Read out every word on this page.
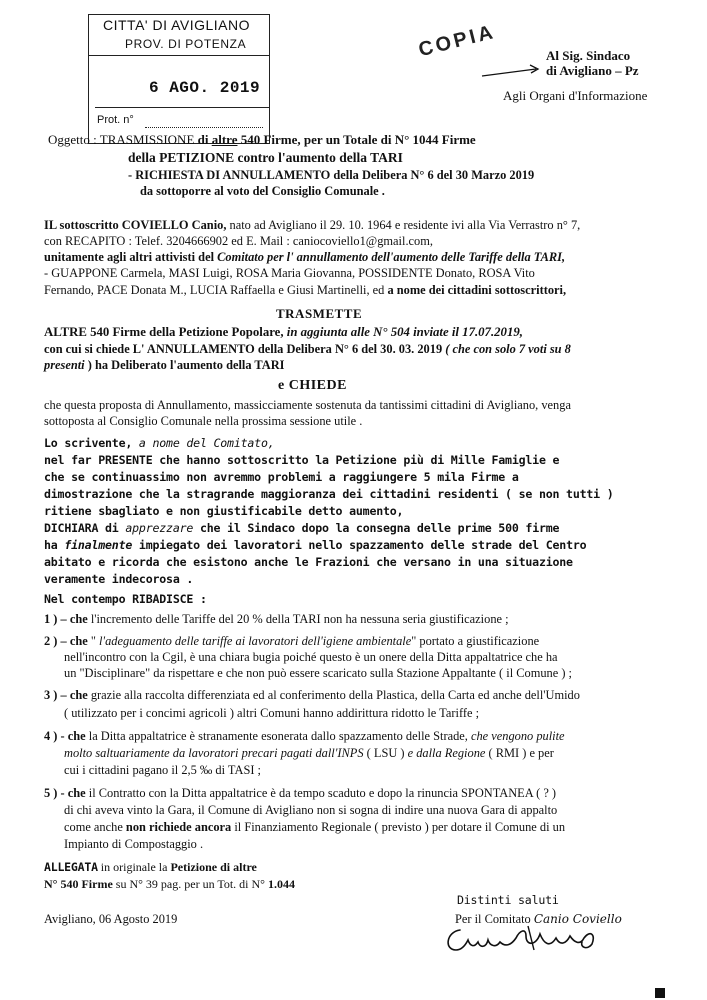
CITTA' DI AVIGLIANO
PROV. DI POTENZA
6 AGO. 2019
Prot. n°
COPIA	Al Sig. Sindaco
di Avigliano – Pz
Agli Organi d'Informazione
Oggetto : TRASMISSIONE di altre 540 Firme, per un Totale di N° 1044 Firme
della PETIZIONE contro l'aumento della TARI
- RICHIESTA DI ANNULLAMENTO della Delibera N° 6 del 30 Marzo 2019
da sottoporre al voto del Consiglio Comunale .
IL sottoscritto COVIELLO Canio, nato ad Avigliano il 29. 10. 1964 e residente ivi alla Via Verrastro n° 7,
con RECAPITO : Telef. 3204666902 ed E. Mail : caniocoviello1@gmail.com,
unitamente agli altri attivisti del Comitato per l' annullamento dell'aumento delle Tariffe della TARI,
- GUAPPONE Carmela, MASI Luigi, ROSA Maria Giovanna, POSSIDENTE Donato, ROSA Vito
Fernando, PACE Donata M., LUCIA Raffaella e Giusi Martinelli, ed a nome dei cittadini sottoscrittori,
TRASMETTE
ALTRE 540 Firme della Petizione Popolare, in aggiunta alle N° 504 inviate il 17.07.2019,
con cui si chiede L' ANNULLAMENTO della Delibera N° 6 del 30. 03. 2019 ( che con solo 7 voti su 8
presenti ) ha Deliberato l'aumento della TARI
e CHIEDE
che questa proposta di Annullamento, massicciamente sostenuta da tantissimi cittadini di Avigliano, venga
sottoposta al Consiglio Comunale nella prossima sessione utile .
Lo scrivente, a nome del Comitato,
nel far PRESENTE che hanno sottoscritto la Petizione più di Mille Famiglie e
che se continuassimo non avremmo problemi a raggiungere 5 mila Firme a
dimostrazione che la stragrande maggioranza dei cittadini residenti ( se non tutti )
ritiene sbagliato e non giustificabile detto aumento,
DICHIARA di apprezzare che il Sindaco dopo la consegna delle prime 500 firme
ha finalmente impiegato dei lavoratori nello spazzamento delle strade del Centro
abitato e ricorda che esistono anche le Frazioni che versano in una situazione
veramente indecorosa .
Nel contempo RIBADISCE :
1 ) – che l'incremento delle Tariffe del 20 % della TARI non ha nessuna seria giustificazione ;
2 ) – che " l'adeguamento delle tariffe ai lavoratori dell'igiene ambientale" portato a giustificazione
nell'incontro con la Cgil, è una chiara bugia poiché questo è un onere della Ditta appaltatrice che ha
un "Disciplinare" da rispettare e che non può essere scaricato sulla Stazione Appaltante ( il Comune ) ;
3 ) – che grazie alla raccolta differenziata ed al conferimento della Plastica, della Carta ed anche dell'Umido
( utilizzato per i concimi agricoli ) altri Comuni hanno addirittura ridotto le Tariffe ;
4 ) - che la Ditta appaltatrice è stranamente esonerata dallo spazzamento delle Strade, che vengono pulite
molto saltuariamente da lavoratori precari pagati dall'INPS ( LSU ) e dalla Regione ( RMI ) e per
cui i cittadini pagano il 2,5 ‰ di TASI ;
5 ) - che il Contratto con la Ditta appaltatrice è da tempo scaduto e dopo la rinuncia SPONTANEA ( ? )
di chi aveva vinto la Gara, il Comune di Avigliano non si sogna di indire una nuova Gara di appalto
come anche non richiede ancora il Finanziamento Regionale ( previsto ) per dotare il Comune di un
Impianto di Compostaggio .
ALLEGATA in originale la Petizione di altre
N° 540 Firme su N° 39 pag. per un Tot. di N° 1.044
Distinti saluti
Avigliano, 06 Agosto 2019	Per il Comitato Canio Coviello
